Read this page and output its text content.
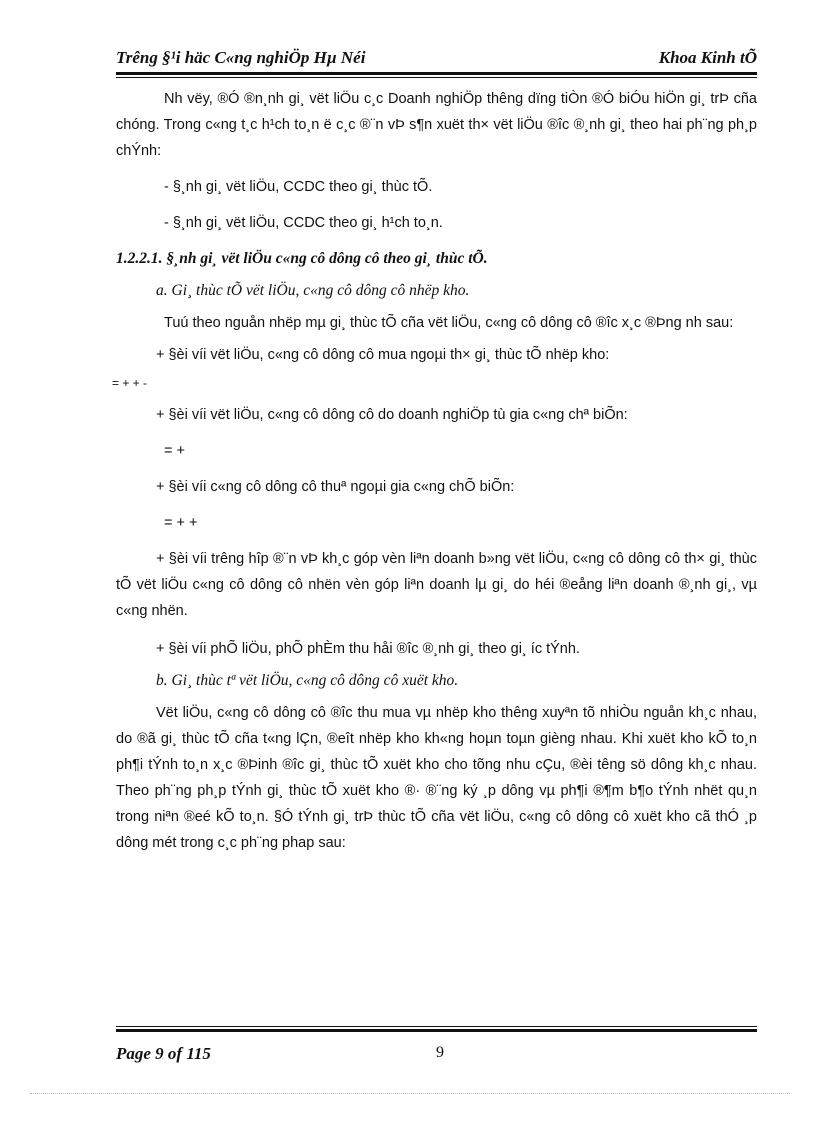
Trêng §¹i häc C«ng nghiÖp Hµ Néi	Khoa Kinh tÕ

Nh vëy, ®Ó ®n¸nh gi¸ vët liÖu c¸c Doanh nghiÖp thêng dïng tiÒn ®Ó biÓu hiÖn gi¸ trÞ cña chóng. Trong c«ng t¸c h¹ch to¸n ë c¸c ®¨n vÞ s¶n xuët th× vët liÖu ®îc ®¸nh gi¸ theo hai ph¨ng ph¸p chÝnh:

- §¸nh gi¸ vët liÖu, CCDC theo gi¸ thùc tÕ.

- §¸nh gi¸ vët liÖu, CCDC theo gi¸ h¹ch to¸n.

1.2.2.1. §¸nh gi¸ vët liÖu c«ng cô dông cô theo gi¸ thùc tÕ.

a. Gi¸ thùc tÕ vët liÖu, c«ng cô dông cô nhëp kho.

Tuú theo nguån nhëp mµ gi¸ thùc tÕ cña vët liÖu, c«ng cô dông cô ®îc x¸c ®Þng nh sau:

+ §èi víi vët liÖu, c«ng cô dông cô mua ngoµi th× gi¸ thùc tÕ nhëp kho:

= + + -

+ §èi víi vët liÖu, c«ng cô dông cô do doanh nghiÖp tù gia c«ng chª biÕn:

= +

+ §èi víi c«ng cô dông cô thuª ngoµi gia c«ng chÕ biÕn:

= + +

+ §èi víi trêng hîp ®¨n vÞ kh¸c góp vèn liªn doanh b»ng vët liÖu, c«ng cô dông cô th× gi¸ thùc tÕ vët liÖu c«ng cô dông cô nhën vèn góp liªn doanh lµ gi¸ do héi ®eång liªn doanh ®¸nh gi¸, vµ c«ng nhën.

+ §èi víi phÕ liÖu, phÕ phÈm thu håi ®îc ®¸nh gi¸ theo gi¸ íc tÝnh.

b. Gi¸ thùc tª vët liÖu, c«ng cô dông cô xuët kho.

Vët liÖu, c«ng cô dông cô ®îc thu mua vµ nhëp kho thêng xuyªn tõ nhiÒu nguån kh¸c nhau, do ®ã gi¸ thùc tÕ cña t«ng lÇn, ®eît nhëp kho kh«ng hoµn toµn gièng nhau. Khi xuët kho kÕ to¸n ph¶i tÝnh to¸n x¸c ®Þinh ®îc gi¸ thùc tÕ xuët kho cho tõng nhu cÇu, ®èi têng sö dông kh¸c nhau. Theo ph¨ng ph¸p tÝnh gi¸ thùc tÕ xuët kho ®· ®¨ng ký ¸p dông vµ ph¶i ®¶m b¶o tÝnh nhët qu¸n trong niªn ®eé kÕ to¸n. §Ó tÝnh gi¸ trÞ thùc tÕ cña vët liÖu, c«ng cô dông cô xuët kho cã thÓ ¸p dông mét trong c¸c ph¨ng phap sau:

Page 9 of 115	9
